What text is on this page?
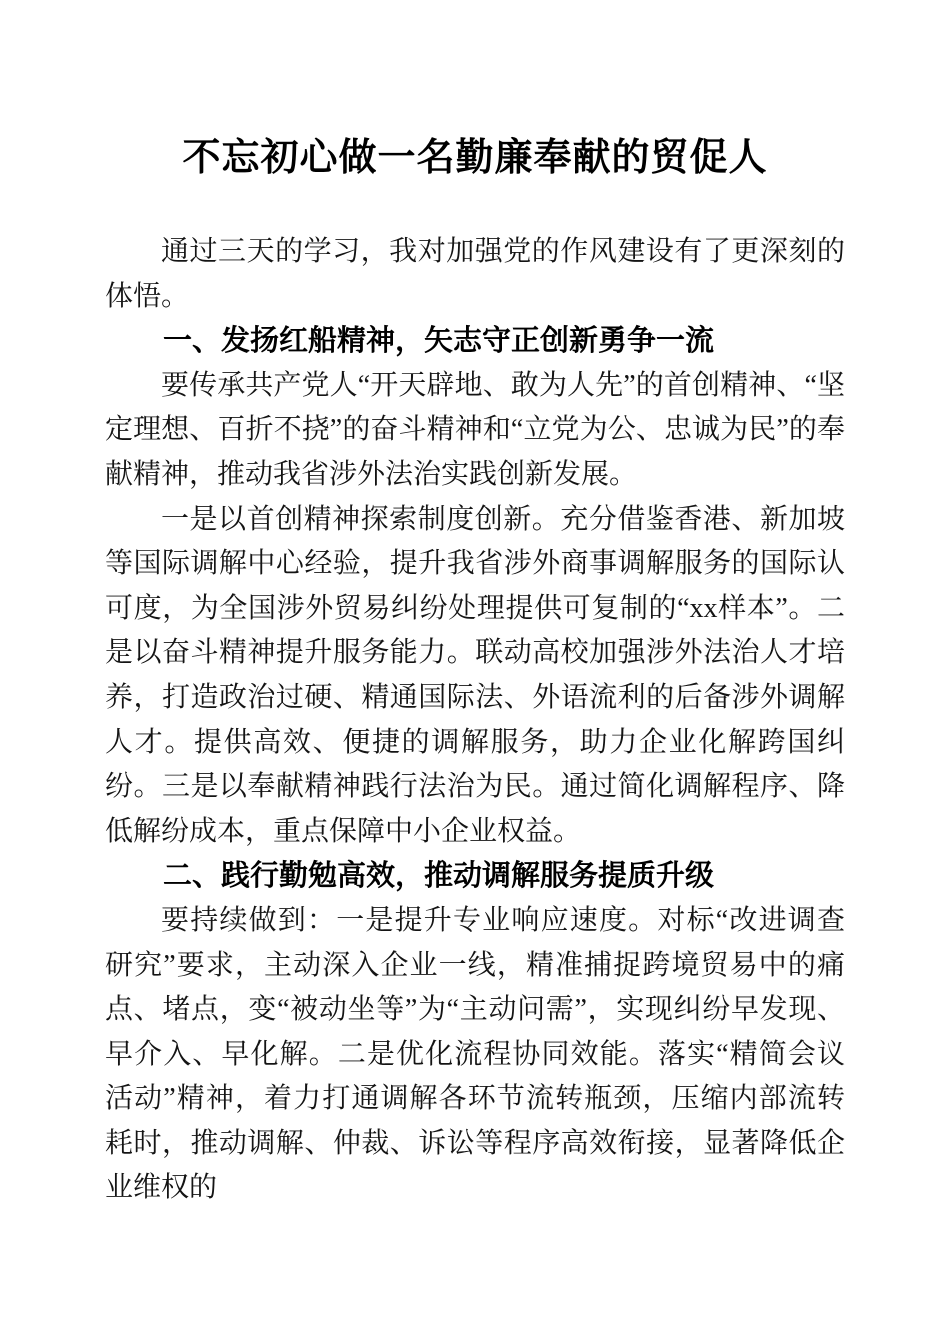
不忘初心做一名勤廉奉献的贸促人

通过三天的学习，我对加强党的作风建设有了更深刻的体悟。

一、发扬红船精神，矢志守正创新勇争一流

要传承共产党人“开天辟地、敢为人先”的首创精神、“坚定理想、百折不挠”的奋斗精神和“立党为公、忠诚为民”的奉献精神，推动我省涉外法治实践创新发展。

一是以首创精神探索制度创新。充分借鉴香港、新加坡等国际调解中心经验，提升我省涉外商事调解服务的国际认可度，为全国涉外贸易纠纷处理提供可复制的“xx样本”。二是以奋斗精神提升服务能力。联动高校加强涉外法治人才培养，打造政治过硬、精通国际法、外语流利的后备涉外调解人才。提供高效、便捷的调解服务，助力企业化解跨国纠纷。三是以奉献精神践行法治为民。通过简化调解程序、降低解纷成本，重点保障中小企业权益。

二、践行勤勉高效，推动调解服务提质升级

要持续做到：一是提升专业响应速度。对标“改进调查研究”要求，主动深入企业一线，精准捕捉跨境贸易中的痛点、堵点，变“被动坐等”为“主动问需”，实现纠纷早发现、早介入、早化解。二是优化流程协同效能。落实“精简会议活动”精神，着力打通调解各环节流转瓶颈，压缩内部流转耗时，推动调解、仲裁、诉讼等程序高效衔接，显著降低企业维权的
